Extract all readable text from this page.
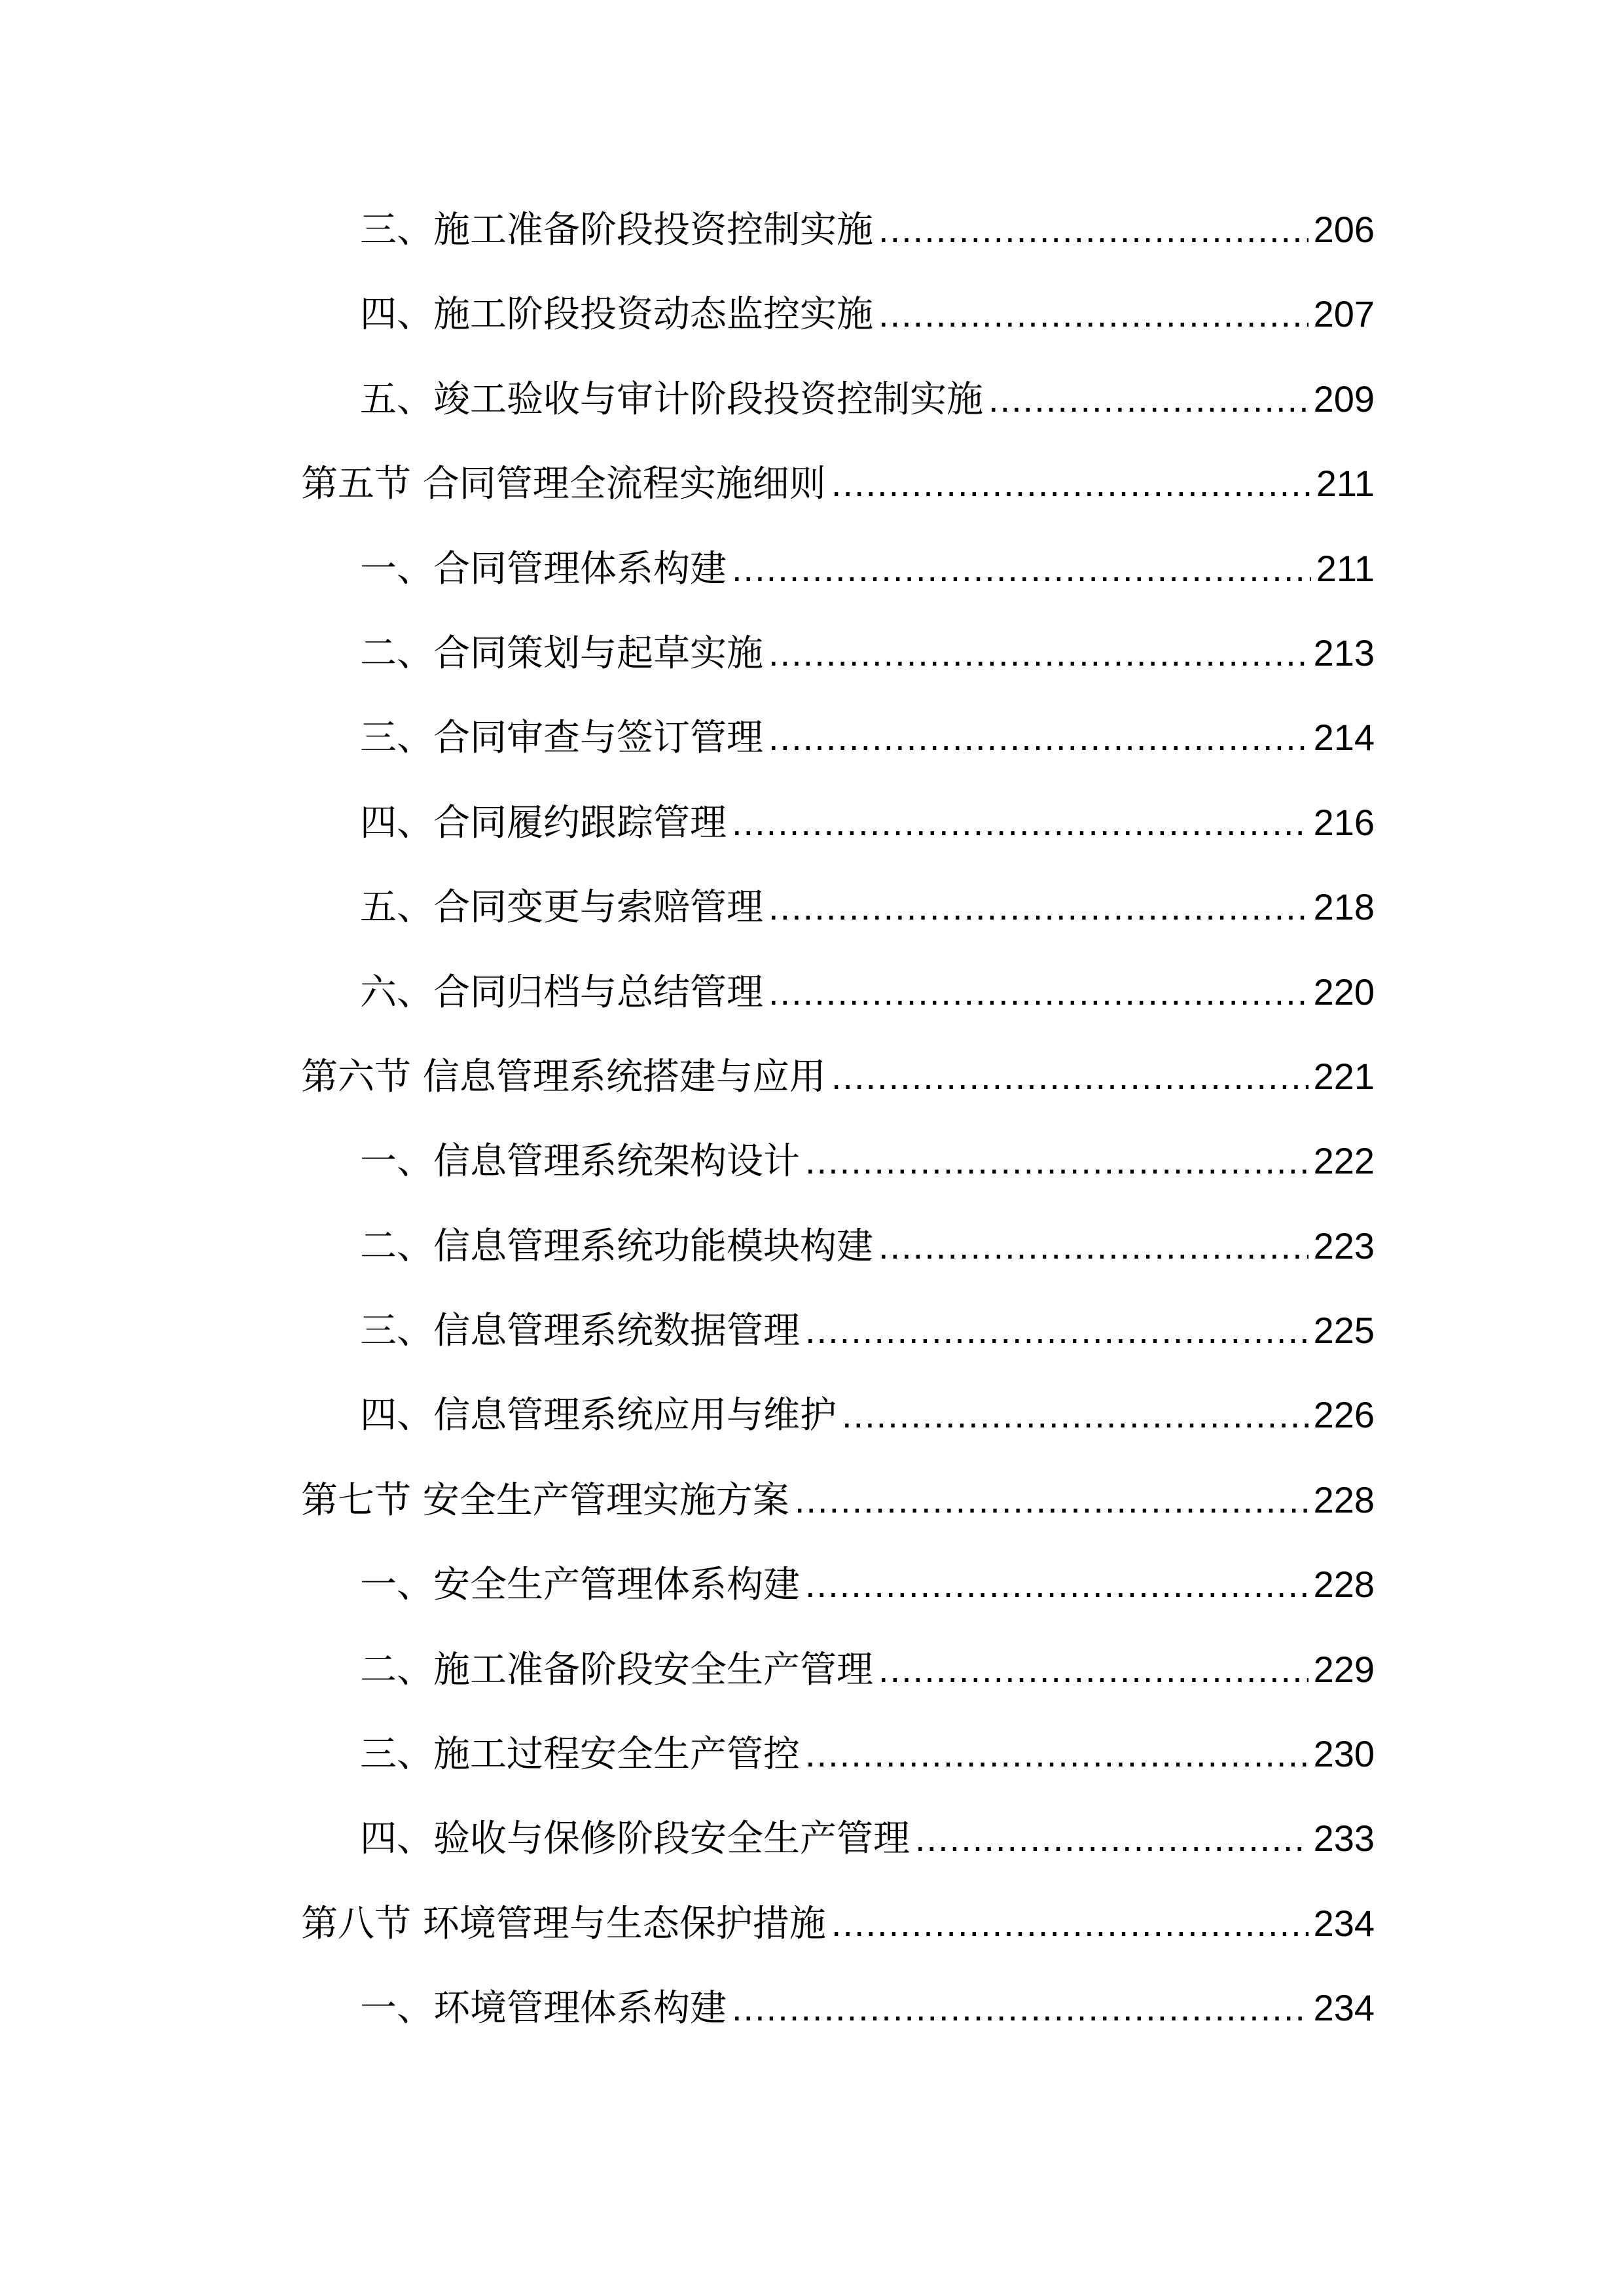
三、施工准备阶段投资控制实施 .....	206
四、施工阶段投资动态监控实施 .....	207
五、竣工验收与审计阶段投资控制实施 .....	209
第五节 合同管理全流程实施细则 .....	211
一、合同管理体系构建 .....	211
二、合同策划与起草实施 .....	213
三、合同审查与签订管理 .....	214
四、合同履约跟踪管理 .....	216
五、合同变更与索赔管理 .....	218
六、合同归档与总结管理 .....	220
第六节 信息管理系统搭建与应用 .....	221
一、信息管理系统架构设计 .....	222
二、信息管理系统功能模块构建 .....	223
三、信息管理系统数据管理 .....	225
四、信息管理系统应用与维护 .....	226
第七节 安全生产管理实施方案 .....	228
一、安全生产管理体系构建 .....	228
二、施工准备阶段安全生产管理 .....	229
三、施工过程安全生产管控 .....	230
四、验收与保修阶段安全生产管理 .....	233
第八节 环境管理与生态保护措施 .....	234
一、环境管理体系构建 .....	234
